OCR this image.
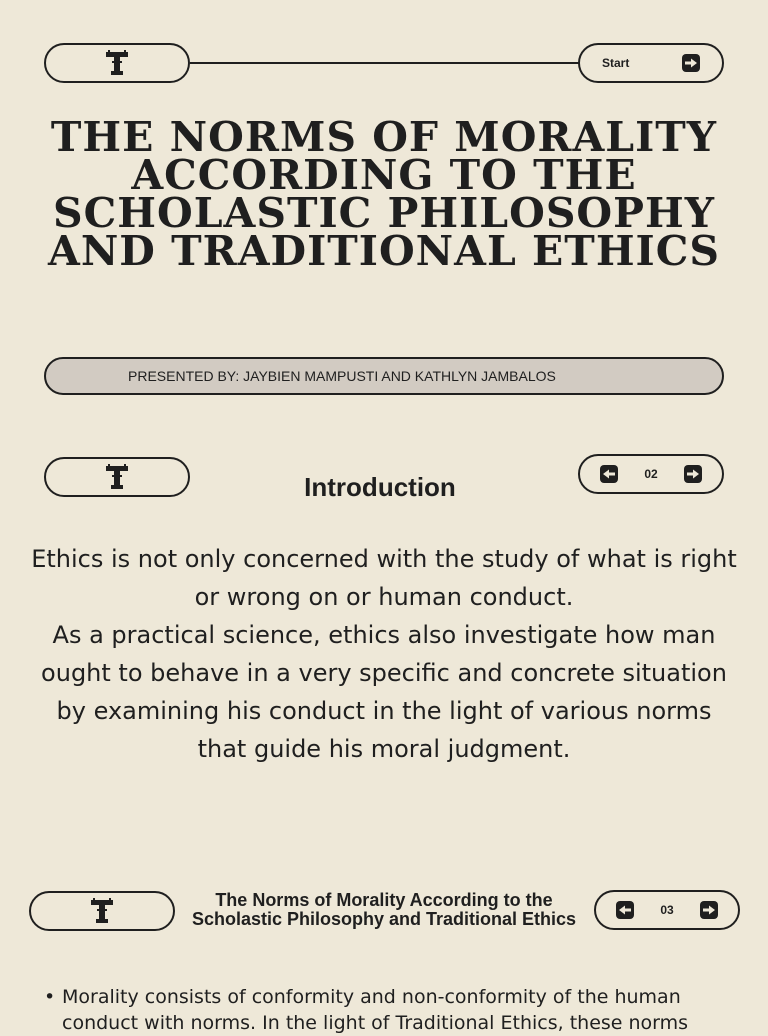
Start
THE NORMS OF MORALITY ACCORDING TO THE SCHOLASTIC PHILOSOPHY AND TRADITIONAL ETHICS
PRESENTED BY: JAYBIEN MAMPUSTI AND KATHLYN JAMBALOS
Introduction	02
Ethics is not only concerned with the study of what is right or wrong on or human conduct.
As a practical science, ethics also investigate how man ought to behave in a very specific and concrete situation by examining his conduct in the light of various norms that guide his moral judgment.
The Norms of Morality According to the Scholastic Philosophy and Traditional Ethics	03
• Morality consists of conformity and non-conformity of the human conduct with norms. In the light of Traditional Ethics, these norms
